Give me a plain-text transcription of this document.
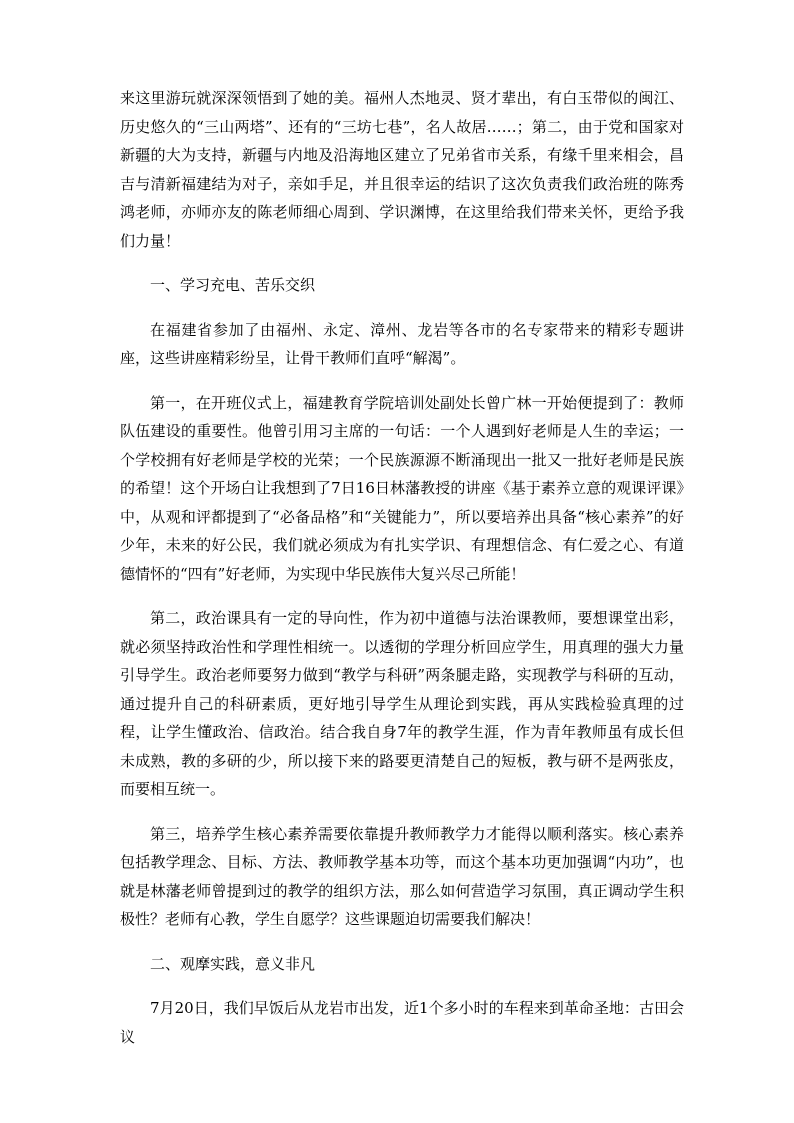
来这里游玩就深深领悟到了她的美。福州人杰地灵、贤才辈出，有白玉带似的闽江、历史悠久的“三山两塔”、还有的“三坊七巷”，名人故居……；第二，由于党和国家对新疆的大为支持，新疆与内地及沿海地区建立了兄弟省市关系，有缘千里来相会，昌吉与清新福建结为对子，亲如手足，并且很幸运的结识了这次负责我们政治班的陈秀鸿老师，亦师亦友的陈老师细心周到、学识渊博，在这里给我们带来关怀，更给予我们力量！

一、学习充电、苦乐交织

在福建省参加了由福州、永定、漳州、龙岩等各市的名专家带来的精彩专题讲座，这些讲座精彩纷呈，让骨干教师们直呼“解渴”。

第一，在开班仪式上，福建教育学院培训处副处长曾广林一开始便提到了：教师队伍建设的重要性。他曾引用习主席的一句话：一个人遇到好老师是人生的幸运；一个学校拥有好老师是学校的光荣；一个民族源源不断涌现出一批又一批好老师是民族的希望！这个开场白让我想到了7日16日林藩教授的讲座《基于素养立意的观课评课》中，从观和评都提到了“必备品格”和“关键能力”，所以要培养出具备“核心素养”的好少年，未来的好公民，我们就必须成为有扎实学识、有理想信念、有仁爱之心、有道德情怀的“四有”好老师，为实现中华民族伟大复兴尽己所能！

第二，政治课具有一定的导向性，作为初中道德与法治课教师，要想课堂出彩，就必须坚持政治性和学理性相统一。以透彻的学理分析回应学生，用真理的强大力量引导学生。政治老师要努力做到“教学与科研”两条腿走路，实现教学与科研的互动，通过提升自己的科研素质，更好地引导学生从理论到实践，再从实践检验真理的过程，让学生懂政治、信政治。结合我自身7年的教学生涯，作为青年教师虽有成长但未成熟，教的多研的少，所以接下来的路要更清楚自己的短板，教与研不是两张皮，而要相互统一。

第三，培养学生核心素养需要依靠提升教师教学力才能得以顺利落实。核心素养包括教学理念、目标、方法、教师教学基本功等，而这个基本功更加强调“内功”，也就是林藩老师曾提到过的教学的组织方法，那么如何营造学习氛围，真正调动学生积极性？老师有心教，学生自愿学？这些课题迫切需要我们解决！

二、观摩实践，意义非凡

7月20日，我们早饭后从龙岩市出发，近1个多小时的车程来到革命圣地：古田会议
